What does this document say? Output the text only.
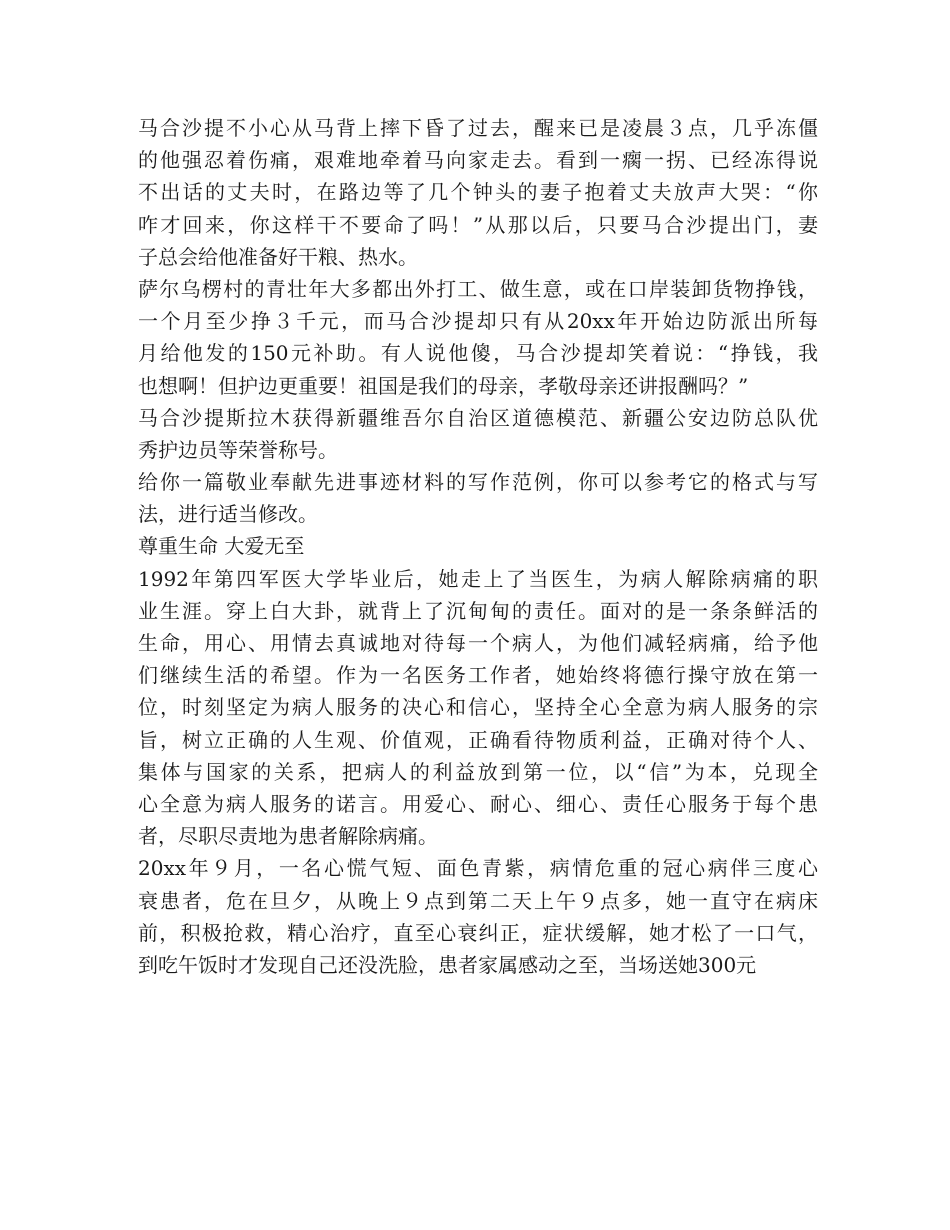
马合沙提不小心从马背上摔下昏了过去，醒来已是凌晨３点，几乎冻僵
的他强忍着伤痛，艰难地牵着马向家走去。看到一瘸一拐、已经冻得说
不出话的丈夫时，在路边等了几个钟头的妻子抱着丈夫放声大哭：“你
咋才回来，你这样干不要命了吗！”从那以后，只要马合沙提出门，妻
子总会给他准备好干粮、热水。

萨尔乌楞村的青壮年大多都出外打工、做生意，或在口岸装卸货物挣钱，
一个月至少挣３千元，而马合沙提却只有从20xx年开始边防派出所每
月给他发的150元补助。有人说他傻，马合沙提却笑着说：“挣钱，我
也想啊！但护边更重要！祖国是我们的母亲，孝敬母亲还讲报酬吗？”

马合沙提斯拉木获得新疆维吾尔自治区道德模范、新疆公安边防总队优
秀护边员等荣誉称号。

给你一篇敬业奉献先进事迹材料的写作范例，你可以参考它的格式与写
法，进行适当修改。

尊重生命 大爱无至

1992年第四军医大学毕业后，她走上了当医生，为病人解除病痛的职
业生涯。穿上白大卦，就背上了沉甸甸的责任。面对的是一条条鲜活的
生命，用心、用情去真诚地对待每一个病人，为他们减轻病痛，给予他
们继续生活的希望。作为一名医务工作者，她始终将德行操守放在第一
位，时刻坚定为病人服务的决心和信心，坚持全心全意为病人服务的宗
旨，树立正确的人生观、价值观，正确看待物质利益，正确对待个人、
集体与国家的关系，把病人的利益放到第一位，以“信”为本，兑现全
心全意为病人服务的诺言。用爱心、耐心、细心、责任心服务于每个患
者，尽职尽责地为患者解除病痛。

20xx年９月，一名心慌气短、面色青紫，病情危重的冠心病伴三度心
衰患者，危在旦夕，从晚上９点到第二天上午９点多，她一直守在病床
前，积极抢救，精心治疗，直至心衰纠正，症状缓解，她才松了一口气，
到吃午饭时才发现自己还没洗脸，患者家属感动之至，当场送她300元
